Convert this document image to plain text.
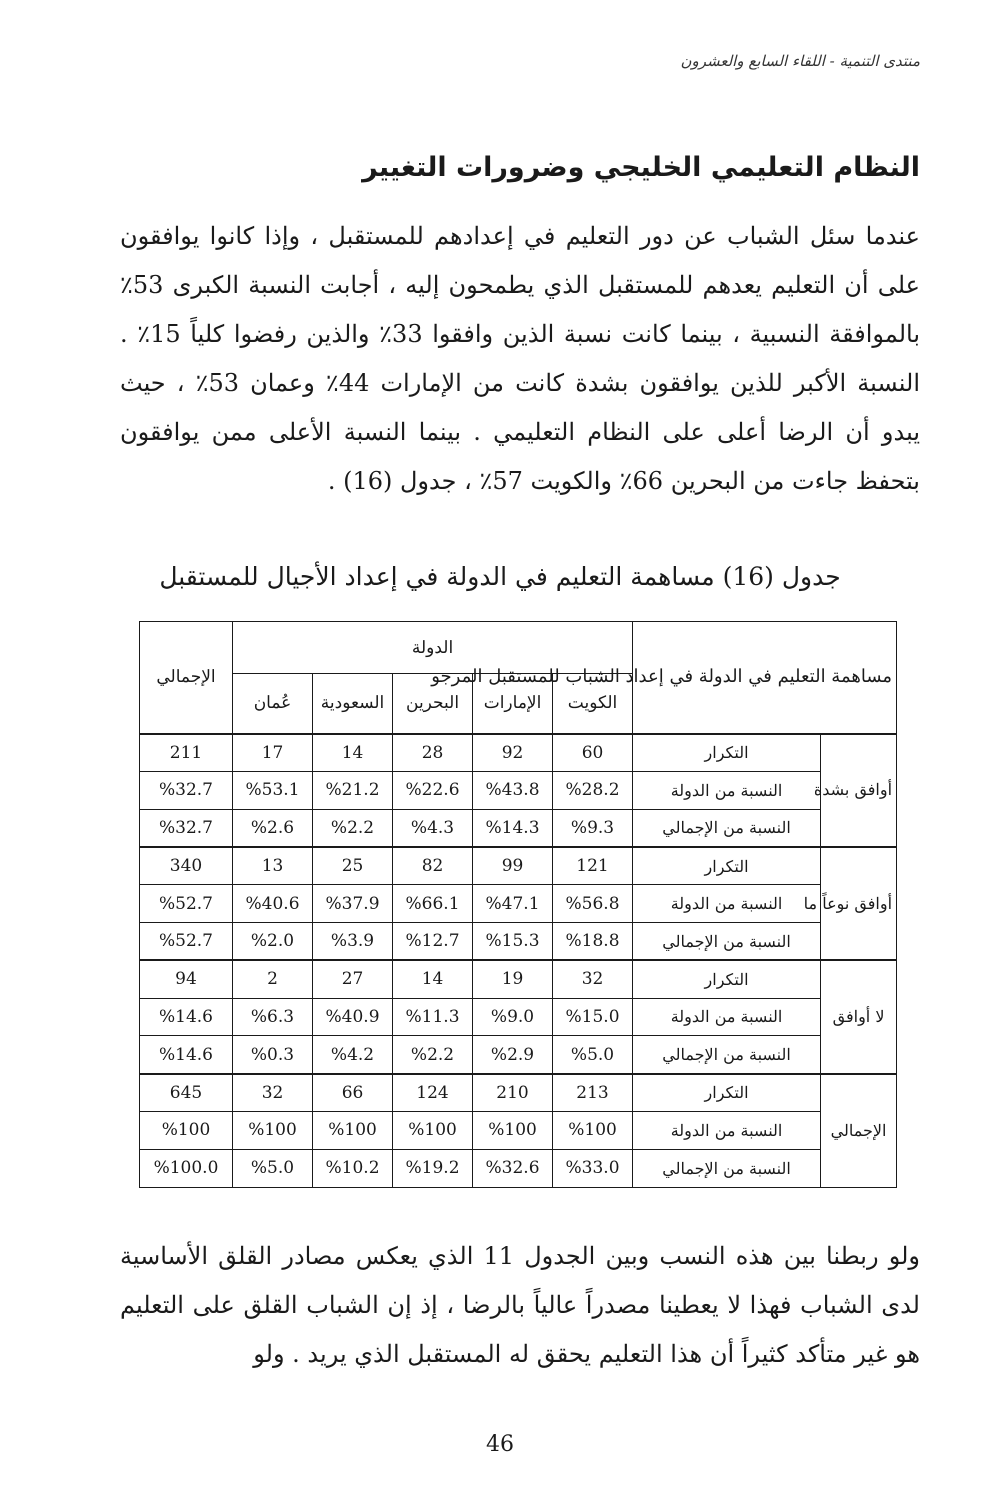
منتدى التنمية - اللقاء السابع والعشرون
النظام التعليمي الخليجي وضرورات التغيير
عندما سئل الشباب عن دور التعليم في إعدادهم للمستقبل ، وإذا كانوا يوافقون على أن التعليم يعدهم للمستقبل الذي يطمحون إليه ، أجابت النسبة الكبرى 53٪ بالموافقة النسبية ، بينما كانت نسبة الذين وافقوا 33٪ والذين رفضوا كلياً 15٪ . النسبة الأكبر للذين يوافقون بشدة كانت من الإمارات 44٪ وعمان 53٪ ، حيث يبدو أن الرضا أعلى على النظام التعليمي . بينما النسبة الأعلى ممن يوافقون بتحفظ جاءت من البحرين 66٪ والكويت 57٪ ، جدول (16) .
جدول (16) مساهمة التعليم في الدولة في إعداد الأجيال للمستقبل
مساهمة التعليم في الدولة في إعداد الشباب للمستقبل المرجو		الدولة					الإجمالي
		الكويت	الإمارات	البحرين	السعودية	عُمان	
أوافق بشدة	التكرار	60	92	28	14	17	211
	النسبة من الدولة	%28.2	%43.8	%22.6	%21.2	%53.1	%32.7
	النسبة من الإجمالي	%9.3	%14.3	%4.3	%2.2	%2.6	%32.7
أوافق نوعاً ما	التكرار	121	99	82	25	13	340
	النسبة من الدولة	%56.8	%47.1	%66.1	%37.9	%40.6	%52.7
	النسبة من الإجمالي	%18.8	%15.3	%12.7	%3.9	%2.0	%52.7
لا أوافق	التكرار	32	19	14	27	2	94
	النسبة من الدولة	%15.0	%9.0	%11.3	%40.9	%6.3	%14.6
	النسبة من الإجمالي	%5.0	%2.9	%2.2	%4.2	%0.3	%14.6
الإجمالي	التكرار	213	210	124	66	32	645
	النسبة من الدولة	%100	%100	%100	%100	%100	%100
	النسبة من الإجمالي	%33.0	%32.6	%19.2	%10.2	%5.0	%100.0
ولو ربطنا بين هذه النسب وبين الجدول 11 الذي يعكس مصادر القلق الأساسية لدى الشباب فهذا لا يعطينا مصدراً عالياً بالرضا ، إذ إن الشباب القلق على التعليم هو غير متأكد كثيراً أن هذا التعليم يحقق له المستقبل الذي يريد . ولو
46
